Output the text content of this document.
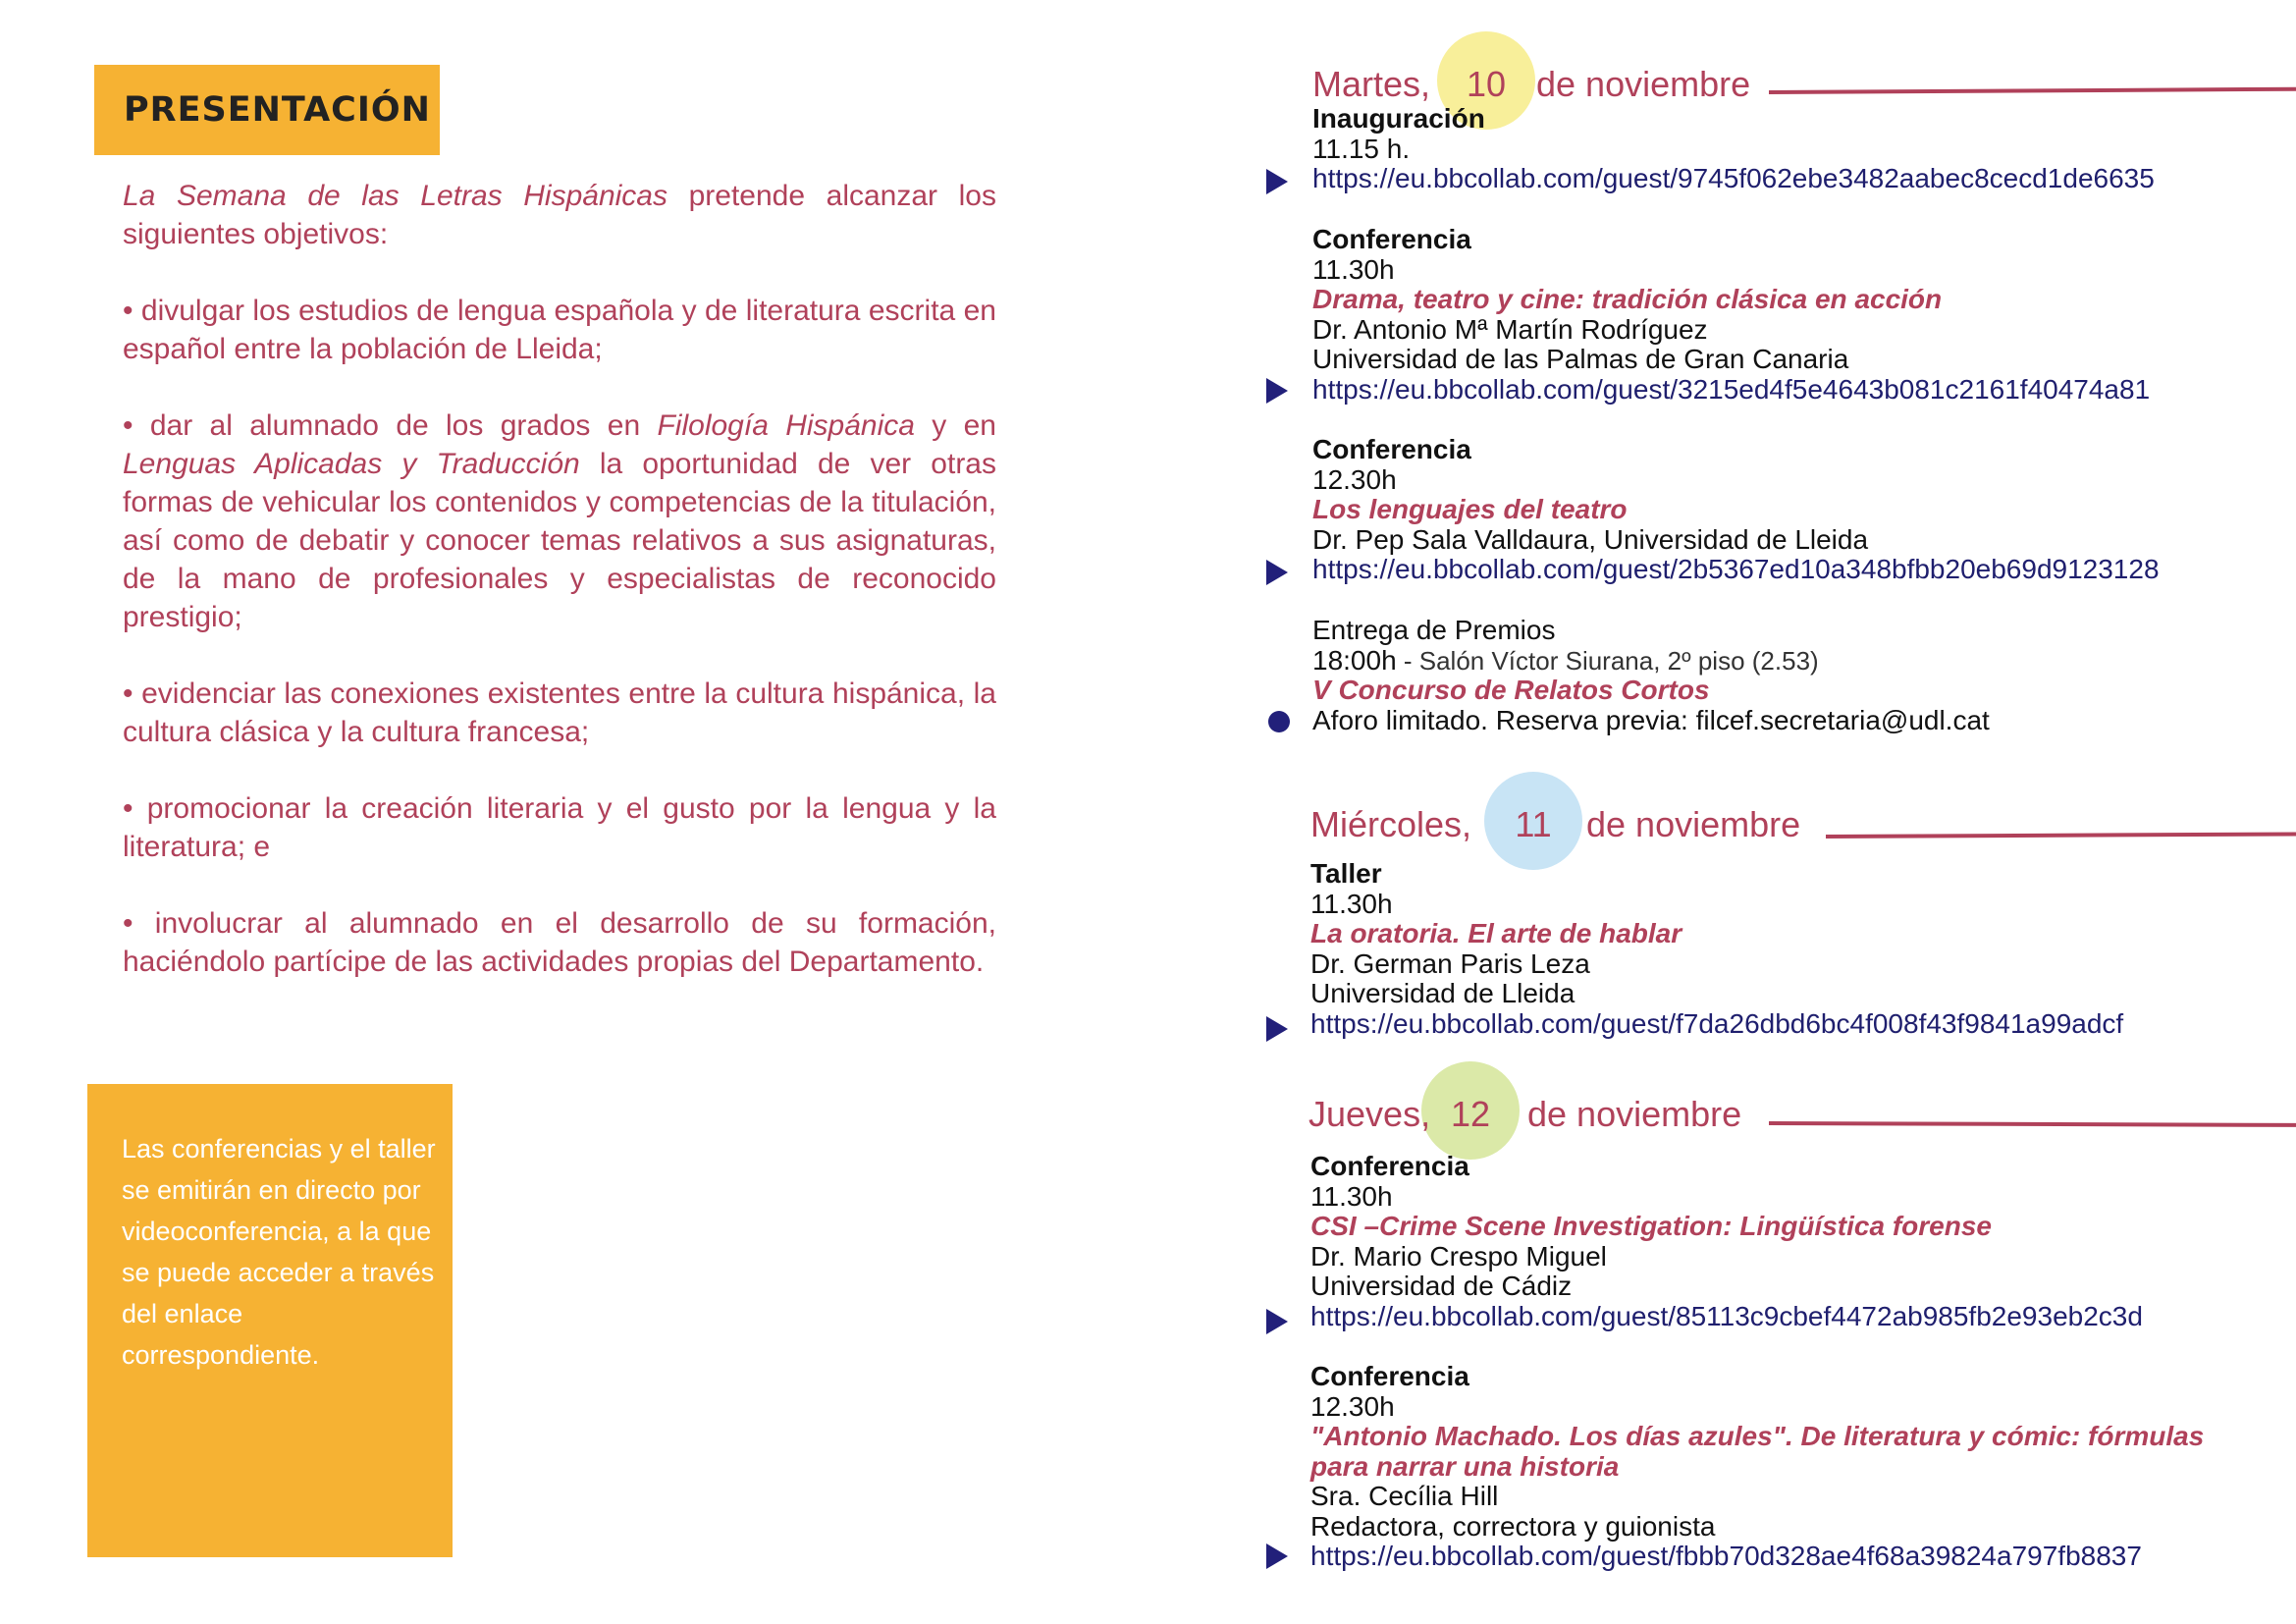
PRESENTACIÓN

La Semana de las Letras Hispánicas pretende alcanzar los siguientes objetivos:

• divulgar los estudios de lengua española y de literatura escrita en español entre la población de Lleida;

• dar al alumnado de los grados en Filología Hispánica y en Lenguas Aplicadas y Traducción la oportunidad de ver otras formas de vehicular los contenidos y competencias de la titulación, así como de debatir y conocer temas relativos a sus asignaturas, de la mano de profesionales y especialistas de reconocido prestigio;

• evidenciar las conexiones existentes entre la cultura hispánica, la cultura clásica y la cultura francesa;

• promocionar la creación literaria y el gusto por la lengua y la literatura; e

• involucrar al alumnado en el desarrollo de su formación, haciéndolo partícipe de las actividades propias del Departamento.

Las conferencias y el taller se emitirán en directo por videoconferencia, a la que se puede acceder a través del enlace correspondiente.
Martes,	10 de noviembre
Inauguración
11.15 h.
https://eu.bbcollab.com/guest/9745f062ebe3482aabec8cecd1de6635
Conferencia
11.30h
Drama, teatro y cine: tradición clásica en acción
Dr. Antonio Mª Martín Rodríguez
Universidad de las Palmas de Gran Canaria
https://eu.bbcollab.com/guest/3215ed4f5e4643b081c2161f40474a81
Conferencia
12.30h
Los lenguajes del teatro
Dr. Pep Sala Valldaura, Universidad de Lleida
https://eu.bbcollab.com/guest/2b5367ed10a348bfbb20eb69d9123128
Entrega de Premios
18:00h - Salón Víctor Siurana, 2º piso (2.53)
V Concurso de Relatos Cortos
Aforo limitado. Reserva previa: filcef.secretaria@udl.cat
Miércoles,	11 de noviembre
Taller
11.30h
La oratoria. El arte de hablar
Dr. German Paris Leza
Universidad de Lleida
https://eu.bbcollab.com/guest/f7da26dbd6bc4f008f43f9841a99adcf
Jueves, 12	de noviembre
Conferencia
11.30h
CSI –Crime Scene Investigation: Lingüística forense
Dr. Mario Crespo Miguel
Universidad de Cádiz
https://eu.bbcollab.com/guest/85113c9cbef4472ab985fb2e93eb2c3d
Conferencia
12.30h
"Antonio Machado. Los días azules". De literatura y cómic: fórmulas
para narrar una historia
Sra. Cecília Hill
Redactora, correctora y guionista
https://eu.bbcollab.com/guest/fbbb70d328ae4f68a39824a797fb8837
